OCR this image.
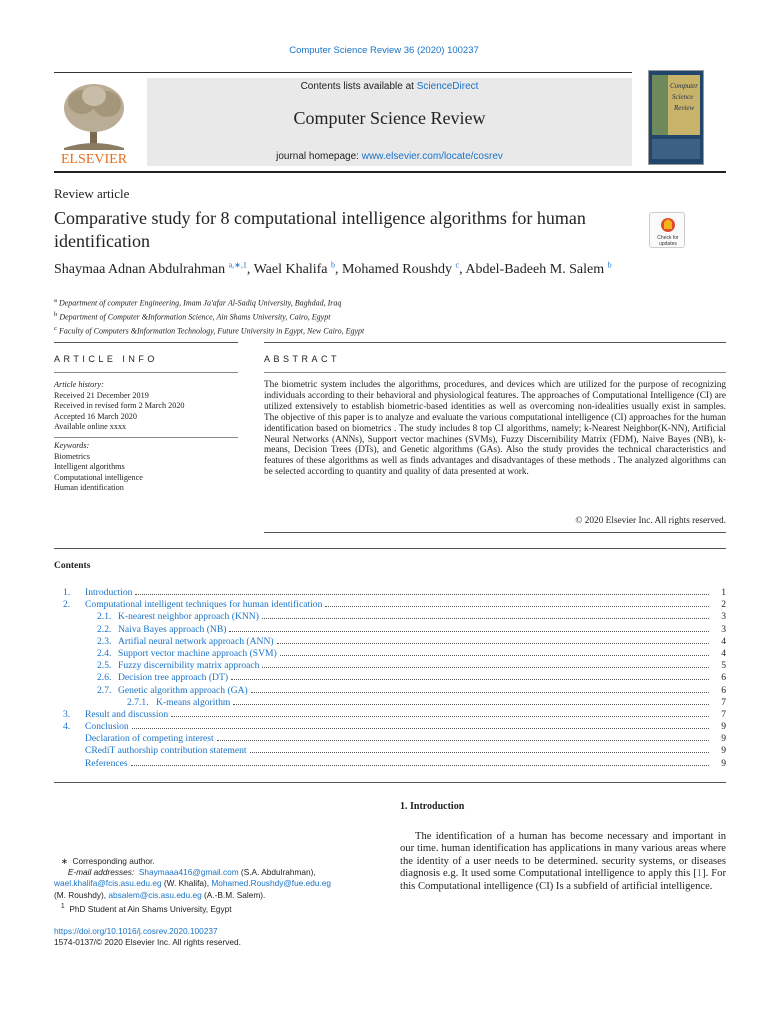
Computer Science Review 36 (2020) 100237
ELSEVIER
Contents lists available at ScienceDirect
Computer Science Review
journal homepage: www.elsevier.com/locate/cosrev
Computer
Science
Review
Review article
Comparative study for 8 computational intelligence algorithms for human identification	Check for
updates
Shaymaa Adnan Abdulrahman $^{a,∗,1}$, Wael Khalifa $^b$, Mohamed Roushdy $^c$, Abdel-Badeeh M. Salem $^b$
$^a$ Department of computer Engineering, Imam Ja'afar Al-Sadiq University, Baghdad, Iraq
$^b$ Department of Computer &Information Science, Ain Shams University, Cairo, Egypt
$^c$ Faculty of Computers &Information Technology, Future University in Egypt, New Cairo, Egypt
ARTICLE INFO	ABSTRACT
Article history:
Received 21 December 2019
Received in revised form 2 March 2020
Accepted 16 March 2020
Available online xxxx
Keywords:
Biometrics
Intelligent algorithms
Computational intelligence
Human identification
The biometric system includes the algorithms, procedures, and devices which are utilized for the purpose of recognizing individuals according to their behavioral and physiological features. The approaches of Computational Intelligence (CI) are utilized extensively to establish biometric-based identities as well as overcoming non-idealities usually exist in samples. The objective of this paper is to analyze and evaluate the various computational intelligence (CI) approaches for the human identification based on biometrics . The study includes 8 top CI algorithms, namely; k-Nearest Neighbor(K-NN), Artificial Neural Networks (ANNs), Support vector machines (SVMs), Fuzzy Discernibility Matrix (FDM), Naive Bayes (NB), k-means, Decision Trees (DTs), and Genetic algorithms (GAs). Also the study provides the technical characteristics and features of these algorithms as well as finds advantages and disadvantages of these methods . The analyzed algorithms can be selected according to quantity and quality of data presented at work.
© 2020 Elsevier Inc. All rights reserved.
Contents
1.	Introduction	1
2.	Computational intelligent techniques for human identification	2
2.1. K-nearest neighbor approach (KNN)	3
2.2. Naiva Bayes approach (NB)	3
2.3. Artifial neural network approach (ANN)	4
2.4. Support vector machine approach (SVM)	4
2.5. Fuzzy discernibility matrix approach	5
2.6. Decision tree approach (DT)	6
2.7. Genetic algorithm approach (GA)	6
2.7.1. K-means algorithm	7
3.	Result and discussion	7
4.	Conclusion	9
Declaration of competing interest	9
CRediT authorship contribution statement	9
References	9
1. Introduction
The identification of a human has become necessary and important in our time. human identification has applications in many various areas where the identity of a user needs to be determined. security systems, or diseases diagnosis e.g. It used some Computational intelligence to apply this [1]. For this Computational intelligence (CI) Is a subfield of artificial intelligence.
∗ Corresponding author.
E-mail addresses: Shaymaaa416@gmail.com (S.A. Abdulrahman),
wael.khalifa@fcis.asu.edu.eg (W. Khalifa), Mohamed.Roushdy@fue.edu.eg
(M. Roushdy), absalem@cis.asu.edu.eg (A.-B.M. Salem).
$^1$ PhD Student at Ain Shams University, Egypt
https://doi.org/10.1016/j.cosrev.2020.100237
1574-0137/© 2020 Elsevier Inc. All rights reserved.
